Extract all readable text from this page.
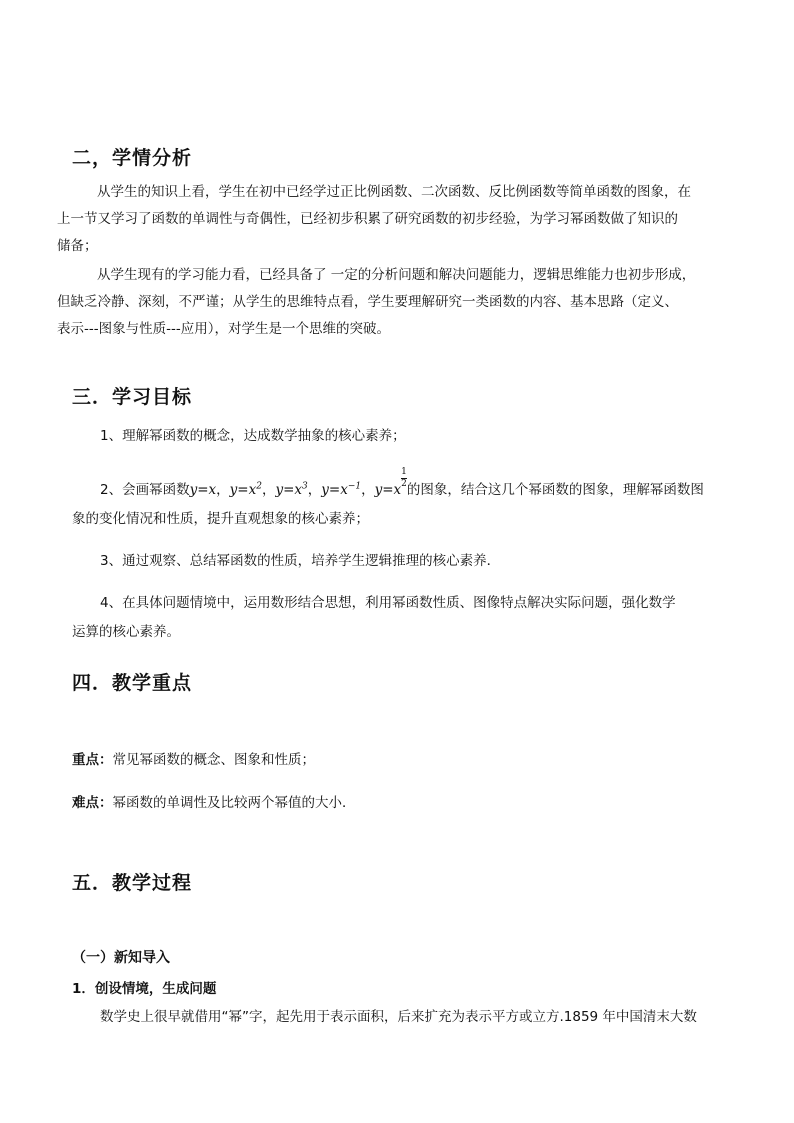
二，学情分析
从学生的知识上看，学生在初中已经学过正比例函数、二次函数、反比例函数等简单函数的图象，在
上一节又学习了函数的单调性与奇偶性，已经初步积累了研究函数的初步经验，为学习幂函数做了知识的
储备；
从学生现有的学习能力看，已经具备了 一定的分析问题和解决问题能力，逻辑思维能力也初步形成，
但缺乏冷静、深刻，不严谨；从学生的思维特点看，学生要理解研究一类函数的内容、基本思路（定义、
表示---图象与性质---应用），对学生是一个思维的突破。
三．学习目标
1、理解幂函数的概念，达成数学抽象的核心素养；
2、会画幂函数y=x，$y=x^2$，$y=x^3$，$y=x^{-1}$，y=x
$\frac{1}{2}$
的图象，结合这几个幂函数的图象，理解幂函数图
象的变化情况和性质，提升直观想象的核心素养；
3、通过观察、总结幂函数的性质，培养学生逻辑推理的核心素养．
4、在具体问题情境中，运用数形结合思想，利用幂函数性质、图像特点解决实际问题，强化数学
运算的核心素养。
四．教学重点
重点：常见幂函数的概念、图象和性质；
难点：幂函数的单调性及比较两个幂值的大小．
五．教学过程
（一）新知导入
1．创设情境，生成问题
数学史上很早就借用“幂”字，起先用于表示面积，后来扩充为表示平方或立方.1859 年中国清末大数
